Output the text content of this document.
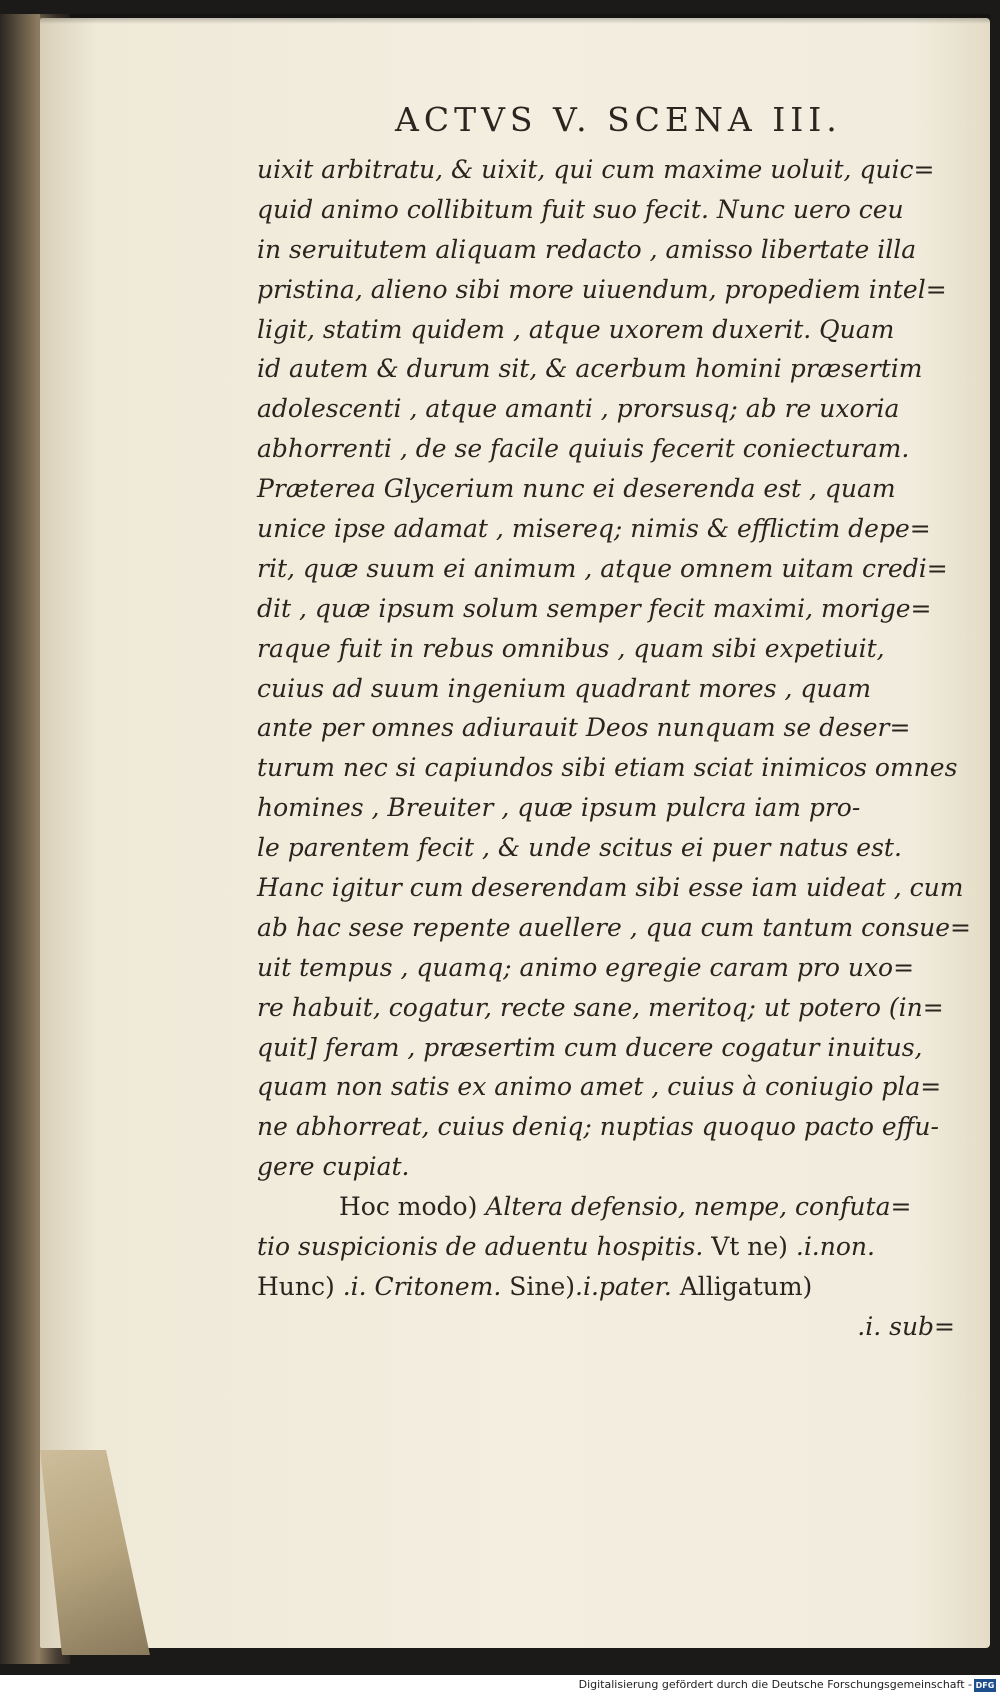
ACTVS V. SCENA III.
uixit arbitratu, & uixit, qui cum maxime uoluit, quic=
quid animo collibitum fuit suo fecit. Nunc uero ceu
in seruitutem aliquam redacto , amisso libertate illa
pristina, alieno sibi more uiuendum, propediem intel=
ligit, statim quidem , atque uxorem duxerit. Quam
id autem & durum sit, & acerbum homini præsertim
adolescenti , atque amanti , prorsusq; ab re uxoria
abhorrenti , de se facile quiuis fecerit coniecturam.
Præterea Glycerium nunc ei deserenda est , quam
unice ipse adamat , misereq; nimis & efflictim depe=
rit, quæ suum ei animum , atque omnem uitam credi=
dit , quæ ipsum solum semper fecit maximi, morige=
raque fuit in rebus omnibus , quam sibi expetiuit,
cuius ad suum ingenium quadrant mores , quam
ante per omnes adiurauit Deos nunquam se deser=
turum nec si capiundos sibi etiam sciat inimicos omnes
homines , Breuiter , quæ ipsum pulcra iam pro-
le parentem fecit , & unde scitus ei puer natus est.
Hanc igitur cum deserendam sibi esse iam uideat , cum
ab hac sese repente auellere , qua cum tantum consue=
uit tempus , quamq; animo egregie caram pro uxo=
re habuit, cogatur, recte sane, meritoq; ut potero (in=
quit] feram , præsertim cum ducere cogatur inuitus,
quam non satis ex animo amet , cuius à coniugio pla=
ne abhorreat, cuius deniq; nuptias quoquo pacto effu-
gere cupiat.
Hoc modo) Altera defensio, nempe, confuta=
tio suspicionis de aduentu hospitis. Vt ne) .i.non.
Hunc) .i. Critonem. Sine).i.pater. Alligatum)
.i. sub=
Digitalisierung gefördert durch die Deutsche Forschungsgemeinschaft - DFG
